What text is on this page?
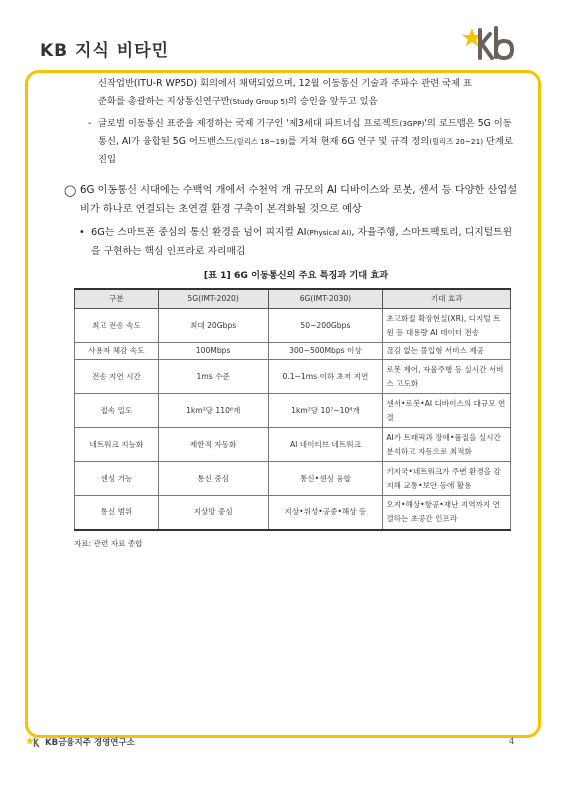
KB 지식 비타민
신작업반(ITU-R WP5D) 회의에서 채택되었으며, 12월 이동통신 기술과 주파수 관련 국제 표
준화를 총괄하는 지상통신연구반(Study Group 5)의 승인을 앞두고 있음
- 글로벌 이동통신 표준을 제정하는 국제 기구인 '제3세대 파트너십 프로젝트(3GPP)'의 로드맵은 5G 이동통신, AI가 융합된 5G 어드밴스드(릴리스 18~19)를 거쳐 현재 6G 연구 및 규격 정의(릴리즈 20~21) 단계로 진입
◯ 6G 이동통신 시대에는 수백억 개에서 수천억 개 규모의 AI 디바이스와 로봇, 센서 등 다양한 산업설비가 하나로 연결되는 초연결 환경 구축이 본격화될 것으로 예상
• 6G는 스마트폰 중심의 통신 환경을 넘어 피지컬 AI(Physical AI), 자율주행, 스마트팩토리, 디지털트윈을 구현하는 핵심 인프라로 자리매김
[표 1] 6G 이동통신의 주요 특징과 기대 효과
구분	5G(IMT-2020)	6G(IMT-2030)	기대 효과
최고 전송 속도	최대 20Gbps	50~200Gbps	초고화질 확장현실(XR), 디지털 트윈 등 대용량 AI 데이터 전송
사용자 체감 속도	100Mbps	300~500Mbps 이상	끊김 없는 몰입형 서비스 제공
전송 지연 시간	1ms 수준	0.1~1ms 이하 초저 지연	로봇 제어, 자율주행 등 실시간 서비스 고도화
접속 밀도	1km²당 110⁶개	1km²당 10⁷~10⁸개	센서•로봇•AI 디바이스의 대규모 연결
네트워크 지능화	제한적 자동화	AI 네이티브 네트워크	AI가 트래픽과 장애•품질을 실시간 분석하고 자동으로 최적화
센싱 기능	통신 중심	통신•센싱 융합	기지국•네트워크가 주변 환경을 감지해 교통•보안 등에 활용
통신 범위	지상망 중심	지상•위성•공중•해상 등	오지•해상•항공•재난 지역까지 연결하는 초공간 인프라
자료: 관련 자료 종합
KB금융지주 경영연구소	4
